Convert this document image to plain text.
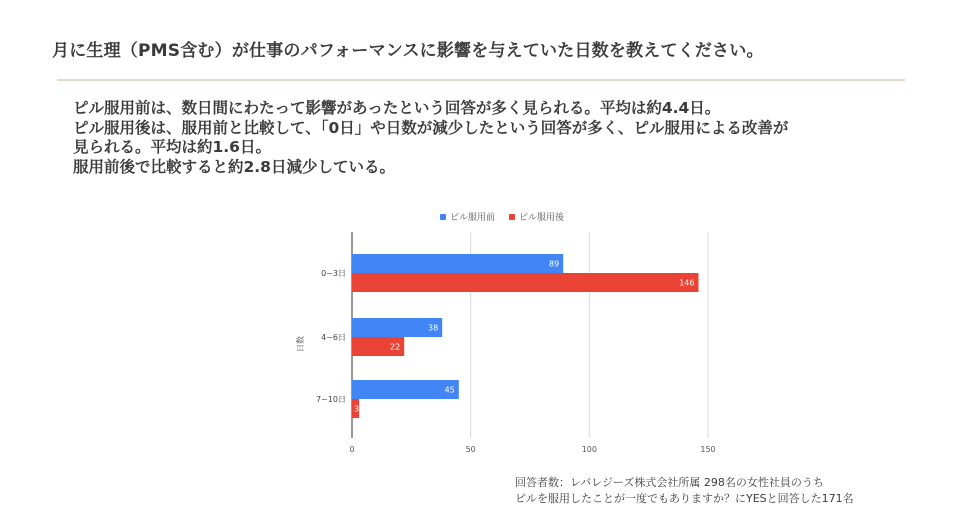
月に生理（PMS含む）が仕事のパフォーマンスに影響を与えていた日数を教えてください。
ピル服用前は、数日間にわたって影響があったという回答が多く見られる。平均は約4.4日。
ピル服用後は、服用前と比較して、「0日」や日数が減少したという回答が多く、ピル服用による改善が
見られる。平均は約1.6日。
服用前後で比較すると約2.8日減少している。
0	50	100	150
ピル服用前	ピル服用後
日数
0~3日
89
146
4~6日
38
22
7~10日
45
3
回答者数：レバレジーズ株式会社所属 298名の女性社員のうち
ピルを服用したことが一度でもありますか？にYESと回答した171名
